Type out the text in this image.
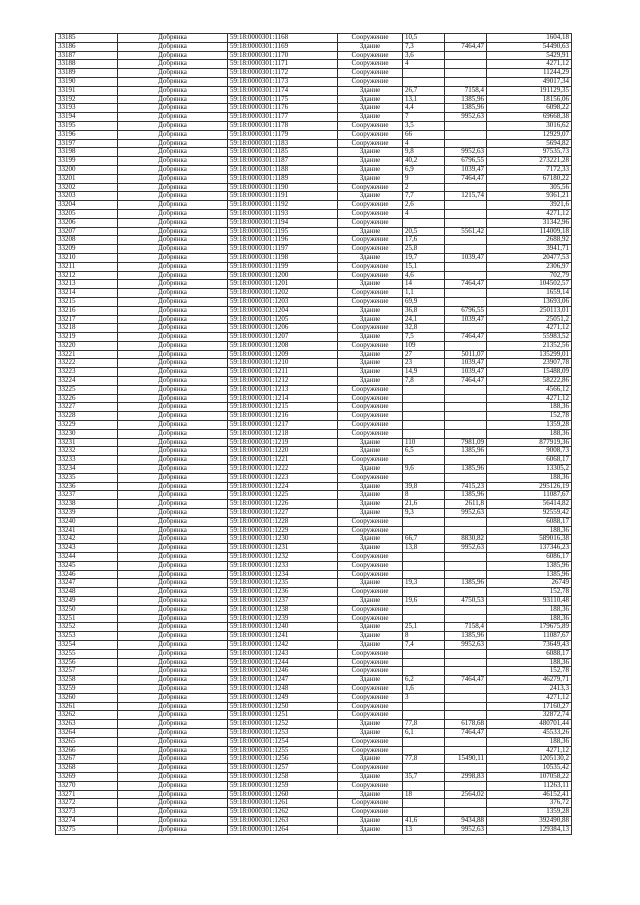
33185	Добрянка	59:18:0000301:1168	Сооружение	10,5		1604,18
33186	Добрянка	59:18:0000301:1169	Здание	7,3	7464,47	54490,63
33187	Добрянка	59:18:0000301:1170	Сооружение	3,6		5429,91
33188	Добрянка	59:18:0000301:1171	Сооружение	4		4271,12
33189	Добрянка	59:18:0000301:1172	Сооружение			11244,29
33190	Добрянка	59:18:0000301:1173	Сооружение			49017,34
33191	Добрянка	59:18:0000301:1174	Здание	26,7	7158,4	191129,35
33192	Добрянка	59:18:0000301:1175	Здание	13,1	1385,96	18156,06
33193	Добрянка	59:18:0000301:1176	Здание	4,4	1385,96	6098,22
33194	Добрянка	59:18:0000301:1177	Здание	7	9952,63	69668,38
33195	Добрянка	59:18:0000301:1178	Сооружение	3,5		3016,62
33196	Добрянка	59:18:0000301:1179	Сооружение	66		12929,07
33197	Добрянка	59:18:0000301:1183	Сооружение	4		5694,82
33198	Добрянка	59:18:0000301:1185	Здание	9,8	9952,63	97535,73
33199	Добрянка	59:18:0000301:1187	Здание	40,2	6796,55	273221,28
33200	Добрянка	59:18:0000301:1188	Здание	6,9	1039,47	7172,33
33201	Добрянка	59:18:0000301:1189	Здание	9	7464,47	67180,22
33202	Добрянка	59:18:0000301:1190	Сооружение	2		305,56
33203	Добрянка	59:18:0000301:1191	Здание	7,7	1215,74	9361,21
33204	Добрянка	59:18:0000301:1192	Сооружение	2,6		3921,6
33205	Добрянка	59:18:0000301:1193	Сооружение	4		4271,12
33206	Добрянка	59:18:0000301:1194	Сооружение			31342,96
33207	Добрянка	59:18:0000301:1195	Здание	20,5	5561,42	114009,18
33208	Добрянка	59:18:0000301:1196	Сооружение	17,6		2688,92
33209	Добрянка	59:18:0000301:1197	Сооружение	25,8		3941,71
33210	Добрянка	59:18:0000301:1198	Здание	19,7	1039,47	20477,53
33211	Добрянка	59:18:0000301:1199	Сооружение	15,1		2306,97
33212	Добрянка	59:18:0000301:1200	Сооружение	4,6		702,79
33213	Добрянка	59:18:0000301:1201	Здание	14	7464,47	104502,57
33214	Добрянка	59:18:0000301:1202	Сооружение	1,1		1659,14
33215	Добрянка	59:18:0000301:1203	Сооружение	69,9		13693,06
33216	Добрянка	59:18:0000301:1204	Здание	36,8	6796,55	250113,01
33217	Добрянка	59:18:0000301:1205	Здание	24,1	1039,47	25051,2
33218	Добрянка	59:18:0000301:1206	Сооружение	32,8		4271,12
33219	Добрянка	59:18:0000301:1207	Здание	7,5	7464,47	55983,52
33220	Добрянка	59:18:0000301:1208	Сооружение	109		21352,56
33221	Добрянка	59:18:0000301:1209	Здание	27	5011,07	135299,01
33222	Добрянка	59:18:0000301:1210	Здание	23	1039,47	23907,78
33223	Добрянка	59:18:0000301:1211	Здание	14,9	1039,47	15488,09
33224	Добрянка	59:18:0000301:1212	Здание	7,8	7464,47	58222,86
33225	Добрянка	59:18:0000301:1213	Сооружение			4566,12
33226	Добрянка	59:18:0000301:1214	Сооружение			4271,12
33227	Добрянка	59:18:0000301:1215	Сооружение			188,36
33228	Добрянка	59:18:0000301:1216	Сооружение			152,78
33229	Добрянка	59:18:0000301:1217	Сооружение			1359,28
33230	Добрянка	59:18:0000301:1218	Сооружение			188,36
33231	Добрянка	59:18:0000301:1219	Здание	110	7981,09	877919,36
33232	Добрянка	59:18:0000301:1220	Здание	6,5	1385,96	9008,73
33233	Добрянка	59:18:0000301:1221	Сооружение			6068,17
33234	Добрянка	59:18:0000301:1222	Здание	9,6	1385,96	13305,2
33235	Добрянка	59:18:0000301:1223	Сооружение			188,36
33236	Добрянка	59:18:0000301:1224	Здание	39,8	7415,23	295126,19
33237	Добрянка	59:18:0000301:1225	Здание	8	1385,96	11087,67
33238	Добрянка	59:18:0000301:1226	Здание	21,6	2611,8	56414,82
33239	Добрянка	59:18:0000301:1227	Здание	9,3	9952,63	92559,42
33240	Добрянка	59:18:0000301:1228	Сооружение			6088,17
33241	Добрянка	59:18:0000301:1229	Сооружение			188,36
33242	Добрянка	59:18:0000301:1230	Здание	66,7	8830,82	589016,38
33243	Добрянка	59:18:0000301:1231	Здание	13,8	9952,63	137346,23
33244	Добрянка	59:18:0000301:1232	Сооружение			6086,17
33245	Добрянка	59:18:0000301:1233	Сооружение			1385,96
33246	Добрянка	59:18:0000301:1234	Сооружение			1385,96
33247	Добрянка	59:18:0000301:1235	Здание	19,3	1385,96	26749
33248	Добрянка	59:18:0000301:1236	Сооружение			152,78
33249	Добрянка	59:18:0000301:1237	Здание	19,6	4750,53	93110,48
33250	Добрянка	59:18:0000301:1238	Сооружение			188,36
33251	Добрянка	59:18:0000301:1239	Сооружение			188,36
33252	Добрянка	59:18:0000301:1240	Здание	25,1	7158,4	179675,89
33253	Добрянка	59:18:0000301:1241	Здание	8	1385,96	11087,67
33254	Добрянка	59:18:0000301:1242	Здание	7,4	9952,63	73649,43
33255	Добрянка	59:18:0000301:1243	Сооружение			6088,17
33256	Добрянка	59:18:0000301:1244	Сооружение			188,36
33257	Добрянка	59:18:0000301:1246	Сооружение			152,78
33258	Добрянка	59:18:0000301:1247	Здание	6,2	7464,47	46279,71
33259	Добрянка	59:18:0000301:1248	Сооружение	1,6		2413,3
33260	Добрянка	59:18:0000301:1249	Сооружение	3		4271,12
33261	Добрянка	59:18:0000301:1250	Сооружение			17160,27
33262	Добрянка	59:18:0000301:1251	Сооружение			32872,74
33263	Добрянка	59:18:0000301:1252	Здание	77,8	6178,68	480701,44
33264	Добрянка	59:18:0000301:1253	Здание	6,1	7464,47	45533,26
33265	Добрянка	59:18:0000301:1254	Сооружение			188,36
33266	Добрянка	59:18:0000301:1255	Сооружение			4271,12
33267	Добрянка	59:18:0000301:1256	Здание	77,8	15490,11	1205130,2
33268	Добрянка	59:18:0000301:1257	Сооружение			10535,42
33269	Добрянка	59:18:0000301:1258	Здание	35,7	2998,83	107058,22
33270	Добрянка	59:18:0000301:1259	Сооружение			11263,11
33271	Добрянка	59:18:0000301:1260	Здание	18	2564,02	46152,41
33272	Добрянка	59:18:0000301:1261	Сооружение			376,72
33273	Добрянка	59:18:0000301:1262	Сооружение			1359,28
33274	Добрянка	59:18:0000301:1263	Здание	41,6	9434,88	392490,88
33275	Добрянка	59:18:0000301:1264	Здание	13	9952,63	129384,13
